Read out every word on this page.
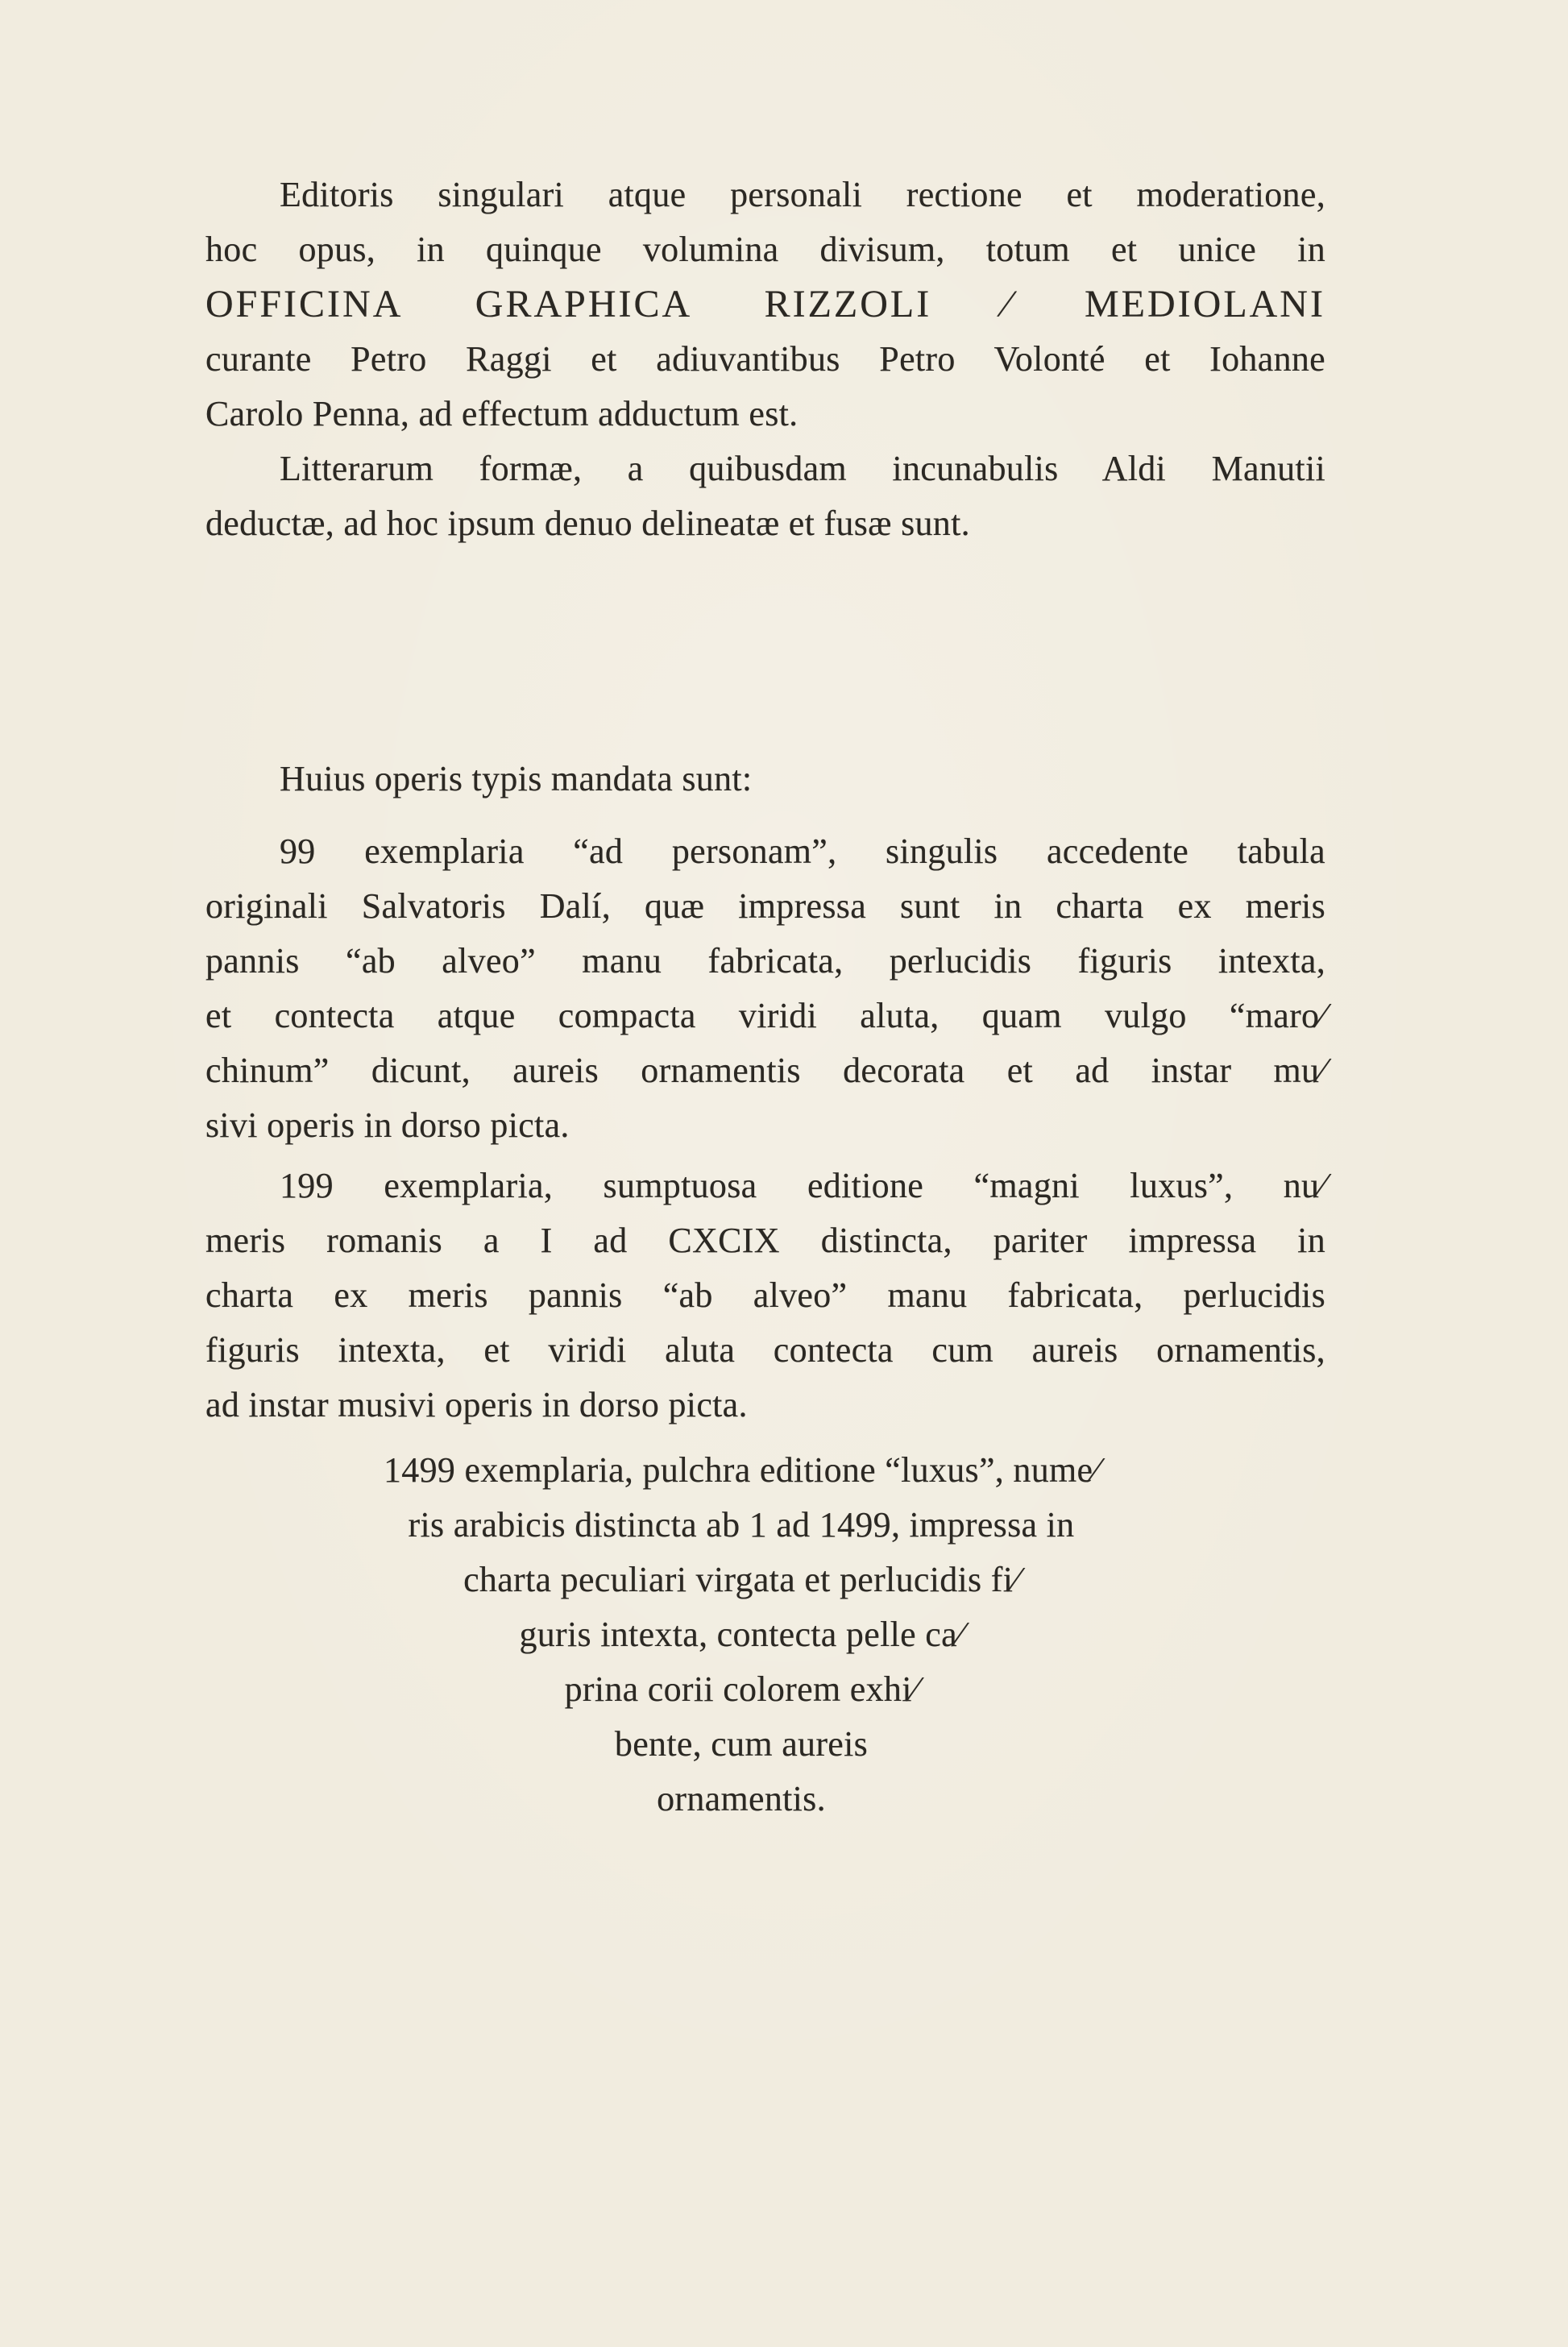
Editoris singulari atque personali rectione et moderatione,
hoc opus, in quinque volumina divisum, totum et unice in
OFFICINA GRAPHICA RIZZOLI ⁄ MEDIOLANI
curante Petro Raggi et adiuvantibus Petro Volonté et Iohanne
Carolo Penna, ad effectum adductum est.
Litterarum formæ, a quibusdam incunabulis Aldi Manutii
deductæ, ad hoc ipsum denuo delineatæ et fusæ sunt.
Huius operis typis mandata sunt:
99 exemplaria “ad personam”, singulis accedente tabula
originali Salvatoris Dalí, quæ impressa sunt in charta ex meris
pannis “ab alveo” manu fabricata, perlucidis figuris intexta,
et contecta atque compacta viridi aluta, quam vulgo “maro⁄
chinum” dicunt, aureis ornamentis decorata et ad instar mu⁄
sivi operis in dorso picta.
199 exemplaria, sumptuosa editione “magni luxus”, nu⁄
meris romanis a I ad CXCIX distincta, pariter impressa in
charta ex meris pannis “ab alveo” manu fabricata, perlucidis
figuris intexta, et viridi aluta contecta cum aureis ornamentis,
ad instar musivi operis in dorso picta.
1499 exemplaria, pulchra editione “luxus”, nume⁄
ris arabicis distincta ab 1 ad 1499, impressa in
charta peculiari virgata et perlucidis fi⁄
guris intexta, contecta pelle ca⁄
prina corii colorem exhi⁄
bente, cum aureis
ornamentis.
